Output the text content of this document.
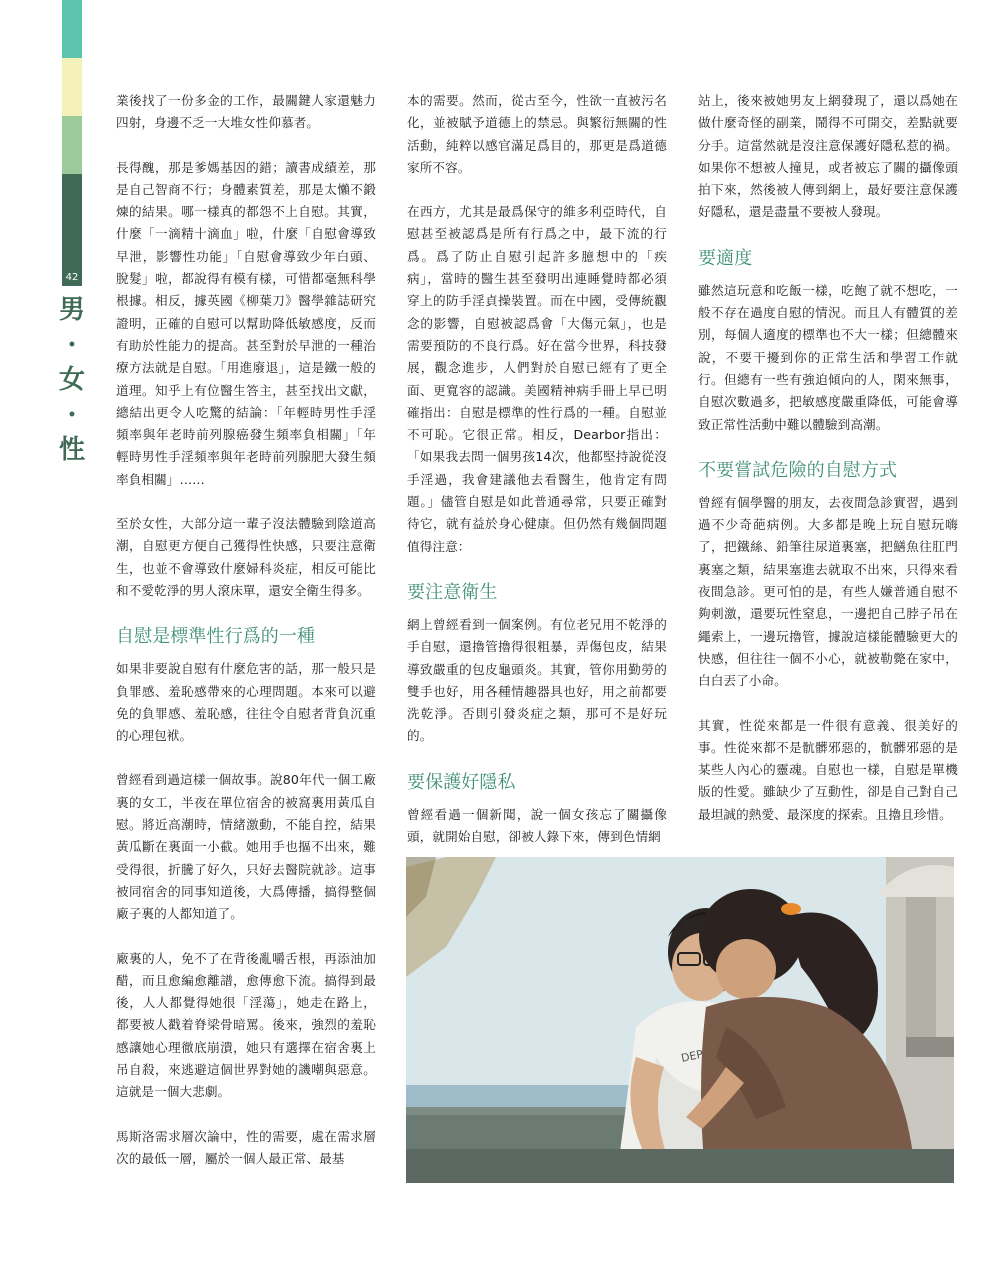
42
男
•
女
•
性

業後找了一份多金的工作，最關鍵人家還魅力四射，身邊不乏一大堆女性仰慕者。

長得醜，那是爹媽基因的錯；讀書成績差，那是自己智商不行；身體素質差，那是太懶不鍛煉的結果。哪一樣真的都怨不上自慰。其實，什麼「一滴精十滴血」啦，什麼「自慰會導致早泄，影響性功能」「自慰會導致少年白頭、脫髮」啦，都說得有模有樣，可惜都毫無科學根據。相反，據英國《柳葉刀》醫學雜誌研究證明，正確的自慰可以幫助降低敏感度，反而有助於性能力的提高。甚至對於早泄的一種治療方法就是自慰。「用進廢退」，這是鐵一般的道理。知乎上有位醫生答主，甚至找出文獻，總結出更令人吃驚的結論：「年輕時男性手淫頻率與年老時前列腺癌發生頻率負相關」「年輕時男性手淫頻率與年老時前列腺肥大發生頻率負相關」……

至於女性，大部分這一輩子沒法體驗到陰道高潮，自慰更方便自己獲得性快感，只要注意衛生，也並不會導致什麼婦科炎症，相反可能比和不愛乾淨的男人滾床單，還安全衛生得多。

自慰是標準性行爲的一種

如果非要說自慰有什麼危害的話，那一般只是負罪感、羞恥感帶來的心理問題。本來可以避免的負罪感、羞恥感，往往令自慰者背負沉重的心理包袱。

曾經看到過這樣一個故事。說80年代一個工廠裏的女工，半夜在單位宿舍的被窩裏用黃瓜自慰。將近高潮時，情緒激動，不能自控，結果黃瓜斷在裏面一小截。她用手也摳不出來，難受得很，折騰了好久，只好去醫院就診。這事被同宿舍的同事知道後，大爲傳播，搞得整個廠子裏的人都知道了。

廠裏的人，免不了在背後亂嚼舌根，再添油加醋，而且愈編愈離譜，愈傳愈下流。搞得到最後，人人都覺得她很「淫蕩」，她走在路上，都要被人戳着脊梁骨暗罵。後來，強烈的羞恥感讓她心理徹底崩潰，她只有選擇在宿舍裏上吊自殺，來逃避這個世界對她的譏嘲與惡意。這就是一個大悲劇。

馬斯洛需求層次論中，性的需要，處在需求層次的最低一層，屬於一個人最正常、最基

本的需要。然而，從古至今，性欲一直被污名化，並被賦予道德上的禁忌。與繁衍無關的性活動，純粹以感官滿足爲目的，那更是爲道德家所不容。

在西方，尤其是最爲保守的維多利亞時代，自慰甚至被認爲是所有行爲之中，最下流的行爲。爲了防止自慰引起許多臆想中的「疾病」，當時的醫生甚至發明出連睡覺時都必須穿上的防手淫貞操裝置。而在中國，受傳統觀念的影響，自慰被認爲會「大傷元氣」，也是需要預防的不良行爲。好在當今世界，科技發展，觀念進步，人們對於自慰已經有了更全面、更寬容的認識。美國精神病手冊上早已明確指出：自慰是標準的性行爲的一種。自慰並不可恥。它很正常。相反，Dearbor指出：「如果我去問一個男孩14次，他都堅持說從沒手淫過，我會建議他去看醫生，他肯定有問題。」儘管自慰是如此普通尋常，只要正確對待它，就有益於身心健康。但仍然有幾個問題值得注意：

要注意衛生

網上曾經看到一個案例。有位老兄用不乾淨的手自慰，還擼管擼得很粗暴，弄傷包皮，結果導致嚴重的包皮龜頭炎。其實，管你用勤勞的雙手也好，用各種情趣器具也好，用之前都要洗乾淨。否則引發炎症之類，那可不是好玩的。

要保護好隱私

曾經看過一個新聞，說一個女孩忘了關攝像頭，就開始自慰，卻被人錄下來，傳到色情網

站上，後來被她男友上網發現了，還以爲她在做什麼奇怪的副業，鬧得不可開交，差點就要分手。這當然就是沒注意保護好隱私惹的禍。如果你不想被人撞見，或者被忘了關的攝像頭拍下來，然後被人傳到網上，最好要注意保護好隱私，還是盡量不要被人發現。

要適度

雖然這玩意和吃飯一樣，吃飽了就不想吃，一般不存在過度自慰的情況。而且人有體質的差別，每個人適度的標準也不大一樣；但總體來說，不要干擾到你的正常生活和學習工作就行。但總有一些有強迫傾向的人，閑來無事，自慰次數過多，把敏感度嚴重降低，可能會導致正常性活動中難以體驗到高潮。

不要嘗試危險的自慰方式

曾經有個學醫的朋友，去夜間急診實習，遇到過不少奇葩病例。大多都是晚上玩自慰玩嗨了，把鐵絲、鉛筆往尿道裏塞，把鱔魚往肛門裏塞之類，結果塞進去就取不出來，只得來看夜間急診。更可怕的是，有些人嫌普通自慰不夠刺激，還要玩性窒息，一邊把自己脖子吊在繩索上，一邊玩擼管，據說這樣能體驗更大的快感，但往往一個不小心，就被勒斃在家中，白白丟了小命。

其實，性從來都是一件很有意義、很美好的事。性從來都不是骯髒邪惡的，骯髒邪惡的是某些人內心的靈魂。自慰也一樣，自慰是單機版的性愛。雖缺少了互動性，卻是自己對自己最坦誠的熱愛、最深度的探索。且擼且珍惜。
